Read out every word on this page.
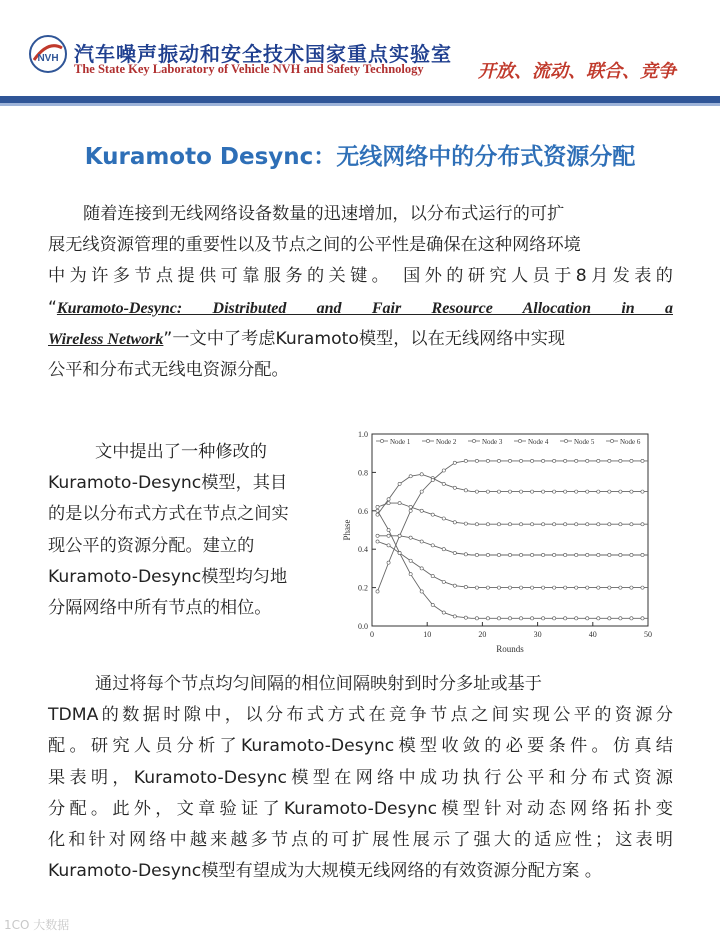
NVH 汽车噪声振动和安全技术国家重点实验室
The State Key Laboratory of Vehicle NVH and Safety Technology	开放、流动、联合、竞争
Kuramoto Desync：无线网络中的分布式资源分配
随着连接到无线网络设备数量的迅速增加，以分布式运行的可扩
展无线资源管理的重要性以及节点之间的公平性是确保在这种网络环境
中为许多节点提供可靠服务的关键。 国外的研究人员于8月发表的
“Kuramoto-Desync: Distributed and Fair Resource Allocation in a
Wireless Network”一文中了考虑Kuramoto模型，以在无线网络中实现
公平和分布式无线电资源分配。
文中提出了一种修改的
Kuramoto-Desync模型，其目
的是以分布式方式在节点之间实
现公平的资源分配。建立的
Kuramoto-Desync模型均匀地
分隔网络中所有节点的相位。
0.0
0.2
0.4
0.6
0.8
1.0
0	10	20	30	40	50
Rounds
Phase
Node 1	Node 2	Node 3	Node 4	Node 5	Node 6
通过将每个节点均匀间隔的相位间隔映射到时分多址或基于
TDMA的数据时隙中，以分布式方式在竞争节点之间实现公平的资源分
配。研究人员分析了Kuramoto-Desync模型收敛的必要条件。仿真结
果表明，Kuramoto-Desync模型在网络中成功执行公平和分布式资源
分配。此外，文章验证了Kuramoto-Desync模型针对动态网络拓扑变
化和针对网络中越来越多节点的可扩展性展示了强大的适应性；这表明
Kuramoto-Desync模型有望成为大规模无线网络的有效资源分配方案 。
1CO 大数据
